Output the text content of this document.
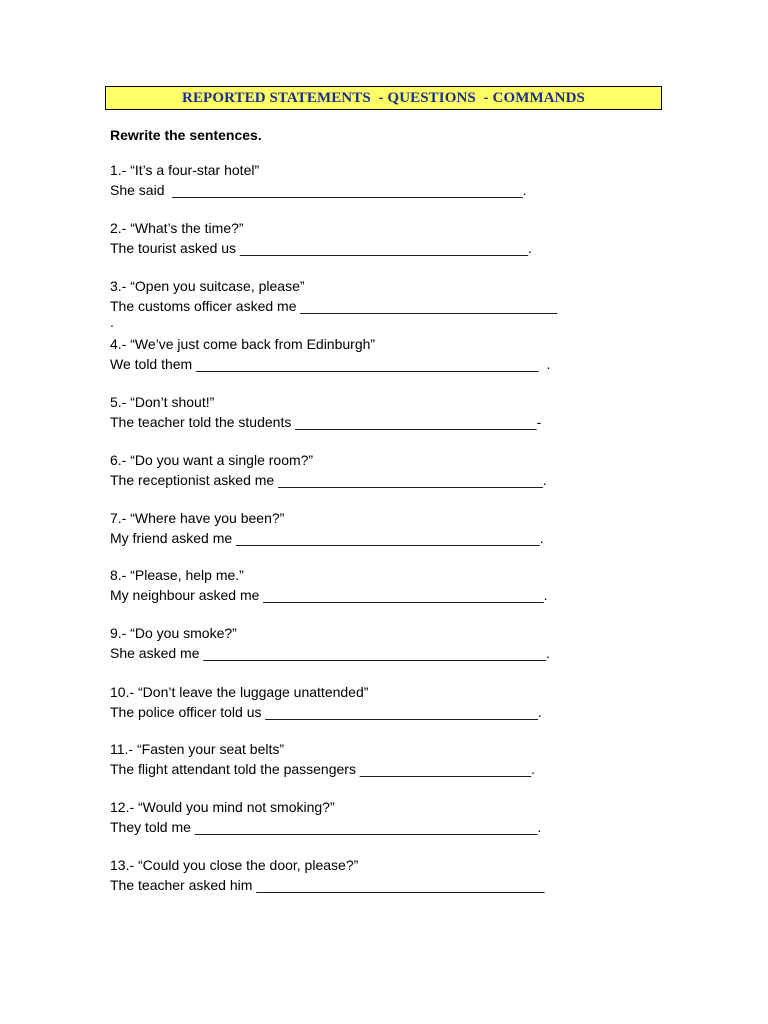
REPORTED STATEMENTS  - QUESTIONS  - COMMANDS
Rewrite the sentences.
1.- “It’s a four-star hotel”
She said  _____________________________________________.
2.- “What’s the time?”
The tourist asked us _____________________________________.
3.- “Open you suitcase, please”
The customs officer asked me _________________________________
.
4.- “We’ve just come back from Edinburgh”
We told them ____________________________________________  .
5.- “Don’t shout!”
The teacher told the students _______________________________-
6.- “Do you want a single room?”
The receptionist asked me __________________________________.
7.- “Where have you been?”
My friend asked me _______________________________________.
8.- “Please, help me.”
My neighbour asked me ____________________________________.
9.- “Do you smoke?”
She asked me ____________________________________________.
10.- “Don’t leave the luggage unattended”
The police officer told us ___________________________________.
11.- “Fasten your seat belts”
The flight attendant told the passengers ______________________.
12.- “Would you mind not smoking?”
They told me ____________________________________________.
13.- “Could you close the door, please?”
The teacher asked him _____________________________________
